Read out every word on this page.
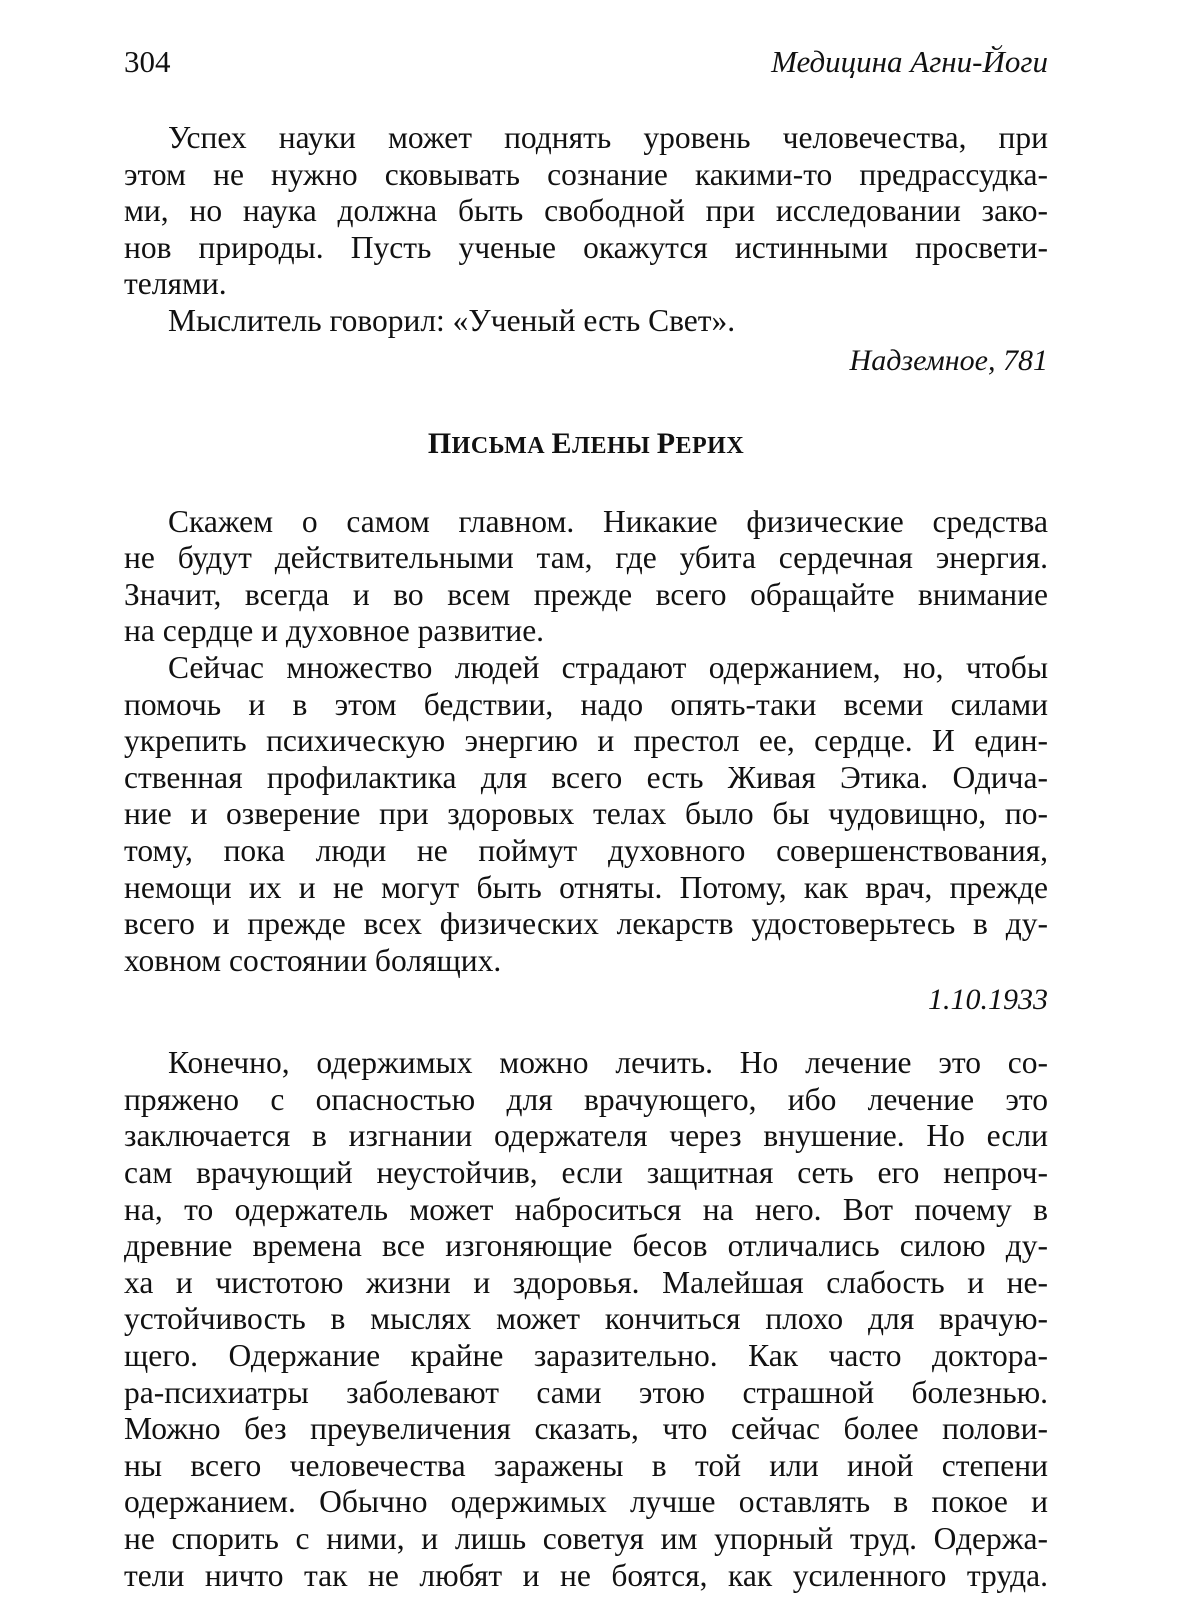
304	Медицина Агни-Йоги
Успех науки может поднять уровень человечества, при
этом не нужно сковывать сознание какими-то предрассудка-
ми, но наука должна быть свободной при исследовании зако-
нов природы. Пусть ученые окажутся истинными просвети-
телями.
Мыслитель говорил: «Ученый есть Свет».
Надземное, 781
ПИСЬМА ЕЛЕНЫ РЕРИХ
Скажем о самом главном. Никакие физические средства
не будут действительными там, где убита сердечная энергия.
Значит, всегда и во всем прежде всего обращайте внимание
на сердце и духовное развитие.
Сейчас множество людей страдают одержанием, но, чтобы
помочь и в этом бедствии, надо опять-таки всеми силами
укрепить психическую энергию и престол ее, сердце. И един-
ственная профилактика для всего есть Живая Этика. Одича-
ние и озверение при здоровых телах было бы чудовищно, по-
тому, пока люди не поймут духовного совершенствования,
немощи их и не могут быть отняты. Потому, как врач, прежде
всего и прежде всех физических лекарств удостоверьтесь в ду-
ховном состоянии болящих.
1.10.1933
Конечно, одержимых можно лечить. Но лечение это со-
пряжено с опасностью для врачующего, ибо лечение это
заключается в изгнании одержателя через внушение. Но если
сам врачующий неустойчив, если защитная сеть его непроч-
на, то одержатель может наброситься на него. Вот почему в
древние времена все изгоняющие бесов отличались силою ду-
ха и чистотою жизни и здоровья. Малейшая слабость и не-
устойчивость в мыслях может кончиться плохо для врачую-
щего. Одержание крайне заразительно. Как часто доктора-
ра-психиатры заболевают сами этою страшной болезнью.
Можно без преувеличения сказать, что сейчас более полови-
ны всего человечества заражены в той или иной степени
одержанием. Обычно одержимых лучше оставлять в покое и
не спорить с ними, и лишь советуя им упорный труд. Одержа-
тели ничто так не любят и не боятся, как усиленного труда.
